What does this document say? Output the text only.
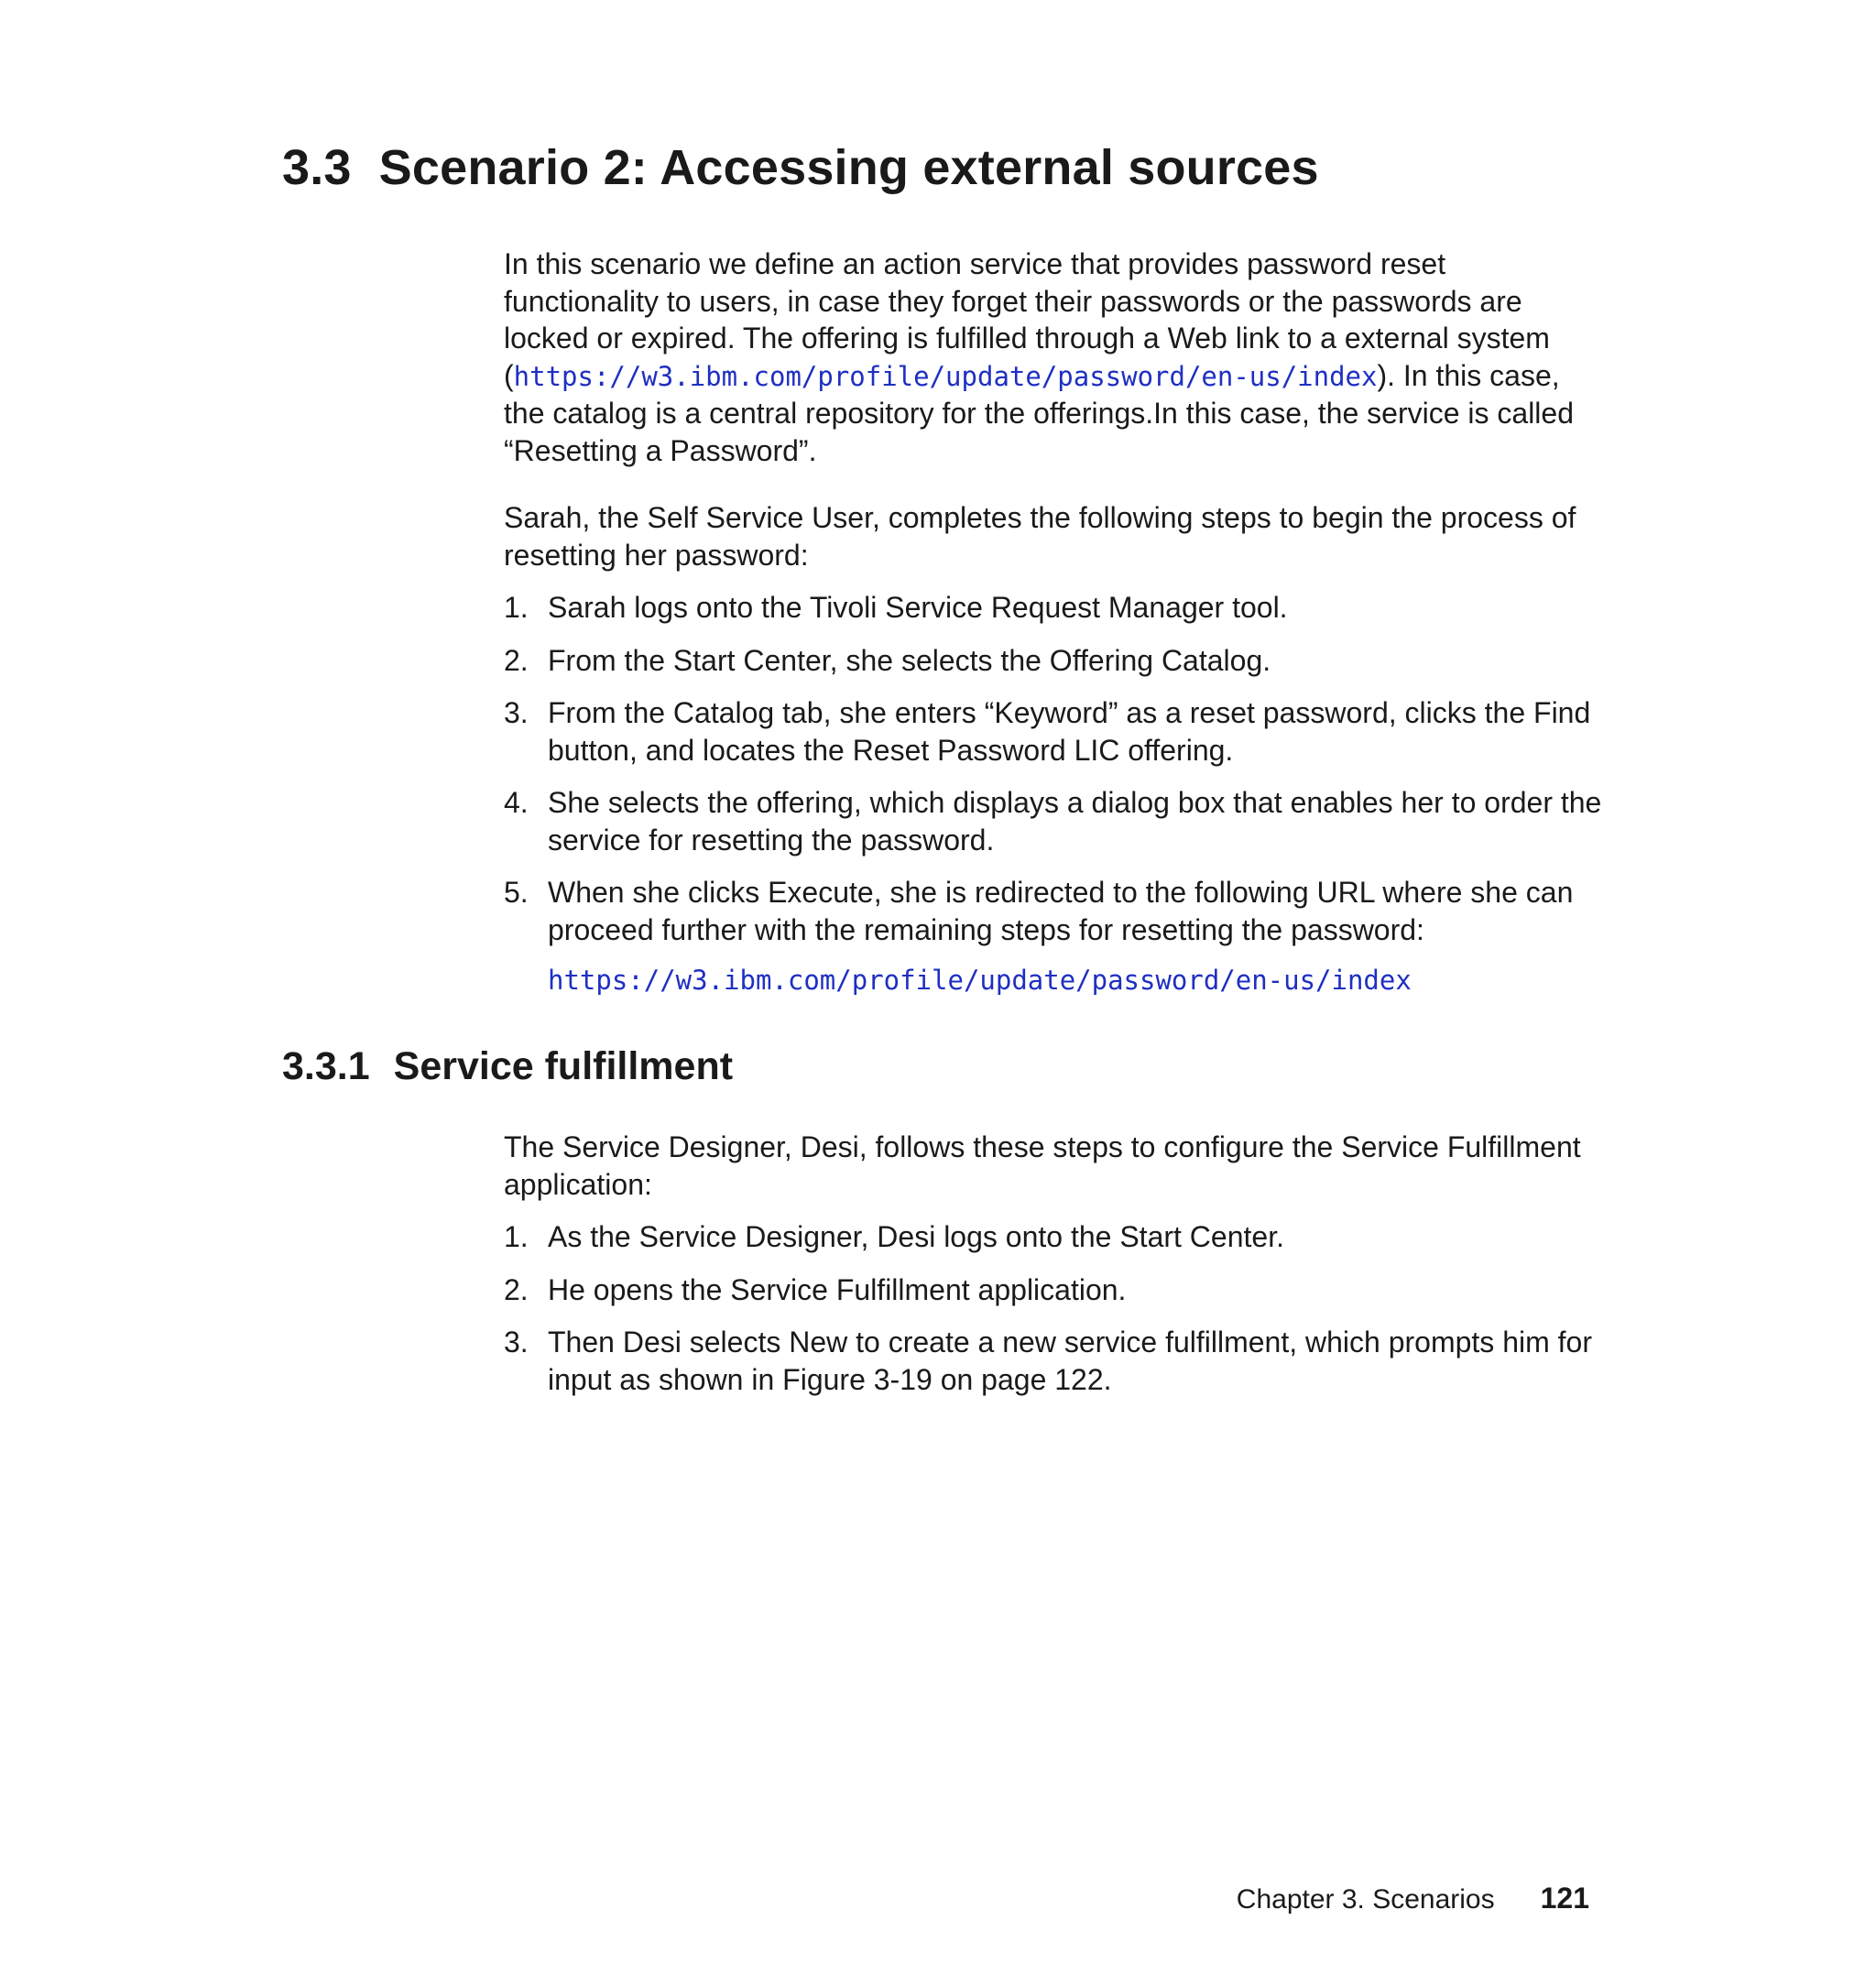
3.3 Scenario 2: Accessing external sources

In this scenario we define an action service that provides password reset functionality to users, in case they forget their passwords or the passwords are locked or expired. The offering is fulfilled through a Web link to a external system (https://w3.ibm.com/profile/update/password/en-us/index). In this case, the catalog is a central repository for the offerings.In this case, the service is called “Resetting a Password”.

Sarah, the Self Service User, completes the following steps to begin the process of resetting her password:

1. Sarah logs onto the Tivoli Service Request Manager tool.
2. From the Start Center, she selects the Offering Catalog.
3. From the Catalog tab, she enters “Keyword” as a reset password, clicks the Find button, and locates the Reset Password LIC offering.
4. She selects the offering, which displays a dialog box that enables her to order the service for resetting the password.
5. When she clicks Execute, she is redirected to the following URL where she can proceed further with the remaining steps for resetting the password:
https://w3.ibm.com/profile/update/password/en-us/index
3.3.1 Service fulfillment

The Service Designer, Desi, follows these steps to configure the Service Fulfillment application:

1. As the Service Designer, Desi logs onto the Start Center.
2. He opens the Service Fulfillment application.
3. Then Desi selects New to create a new service fulfillment, which prompts him for input as shown in Figure 3-19 on page 122.
Chapter 3. Scenarios 121
